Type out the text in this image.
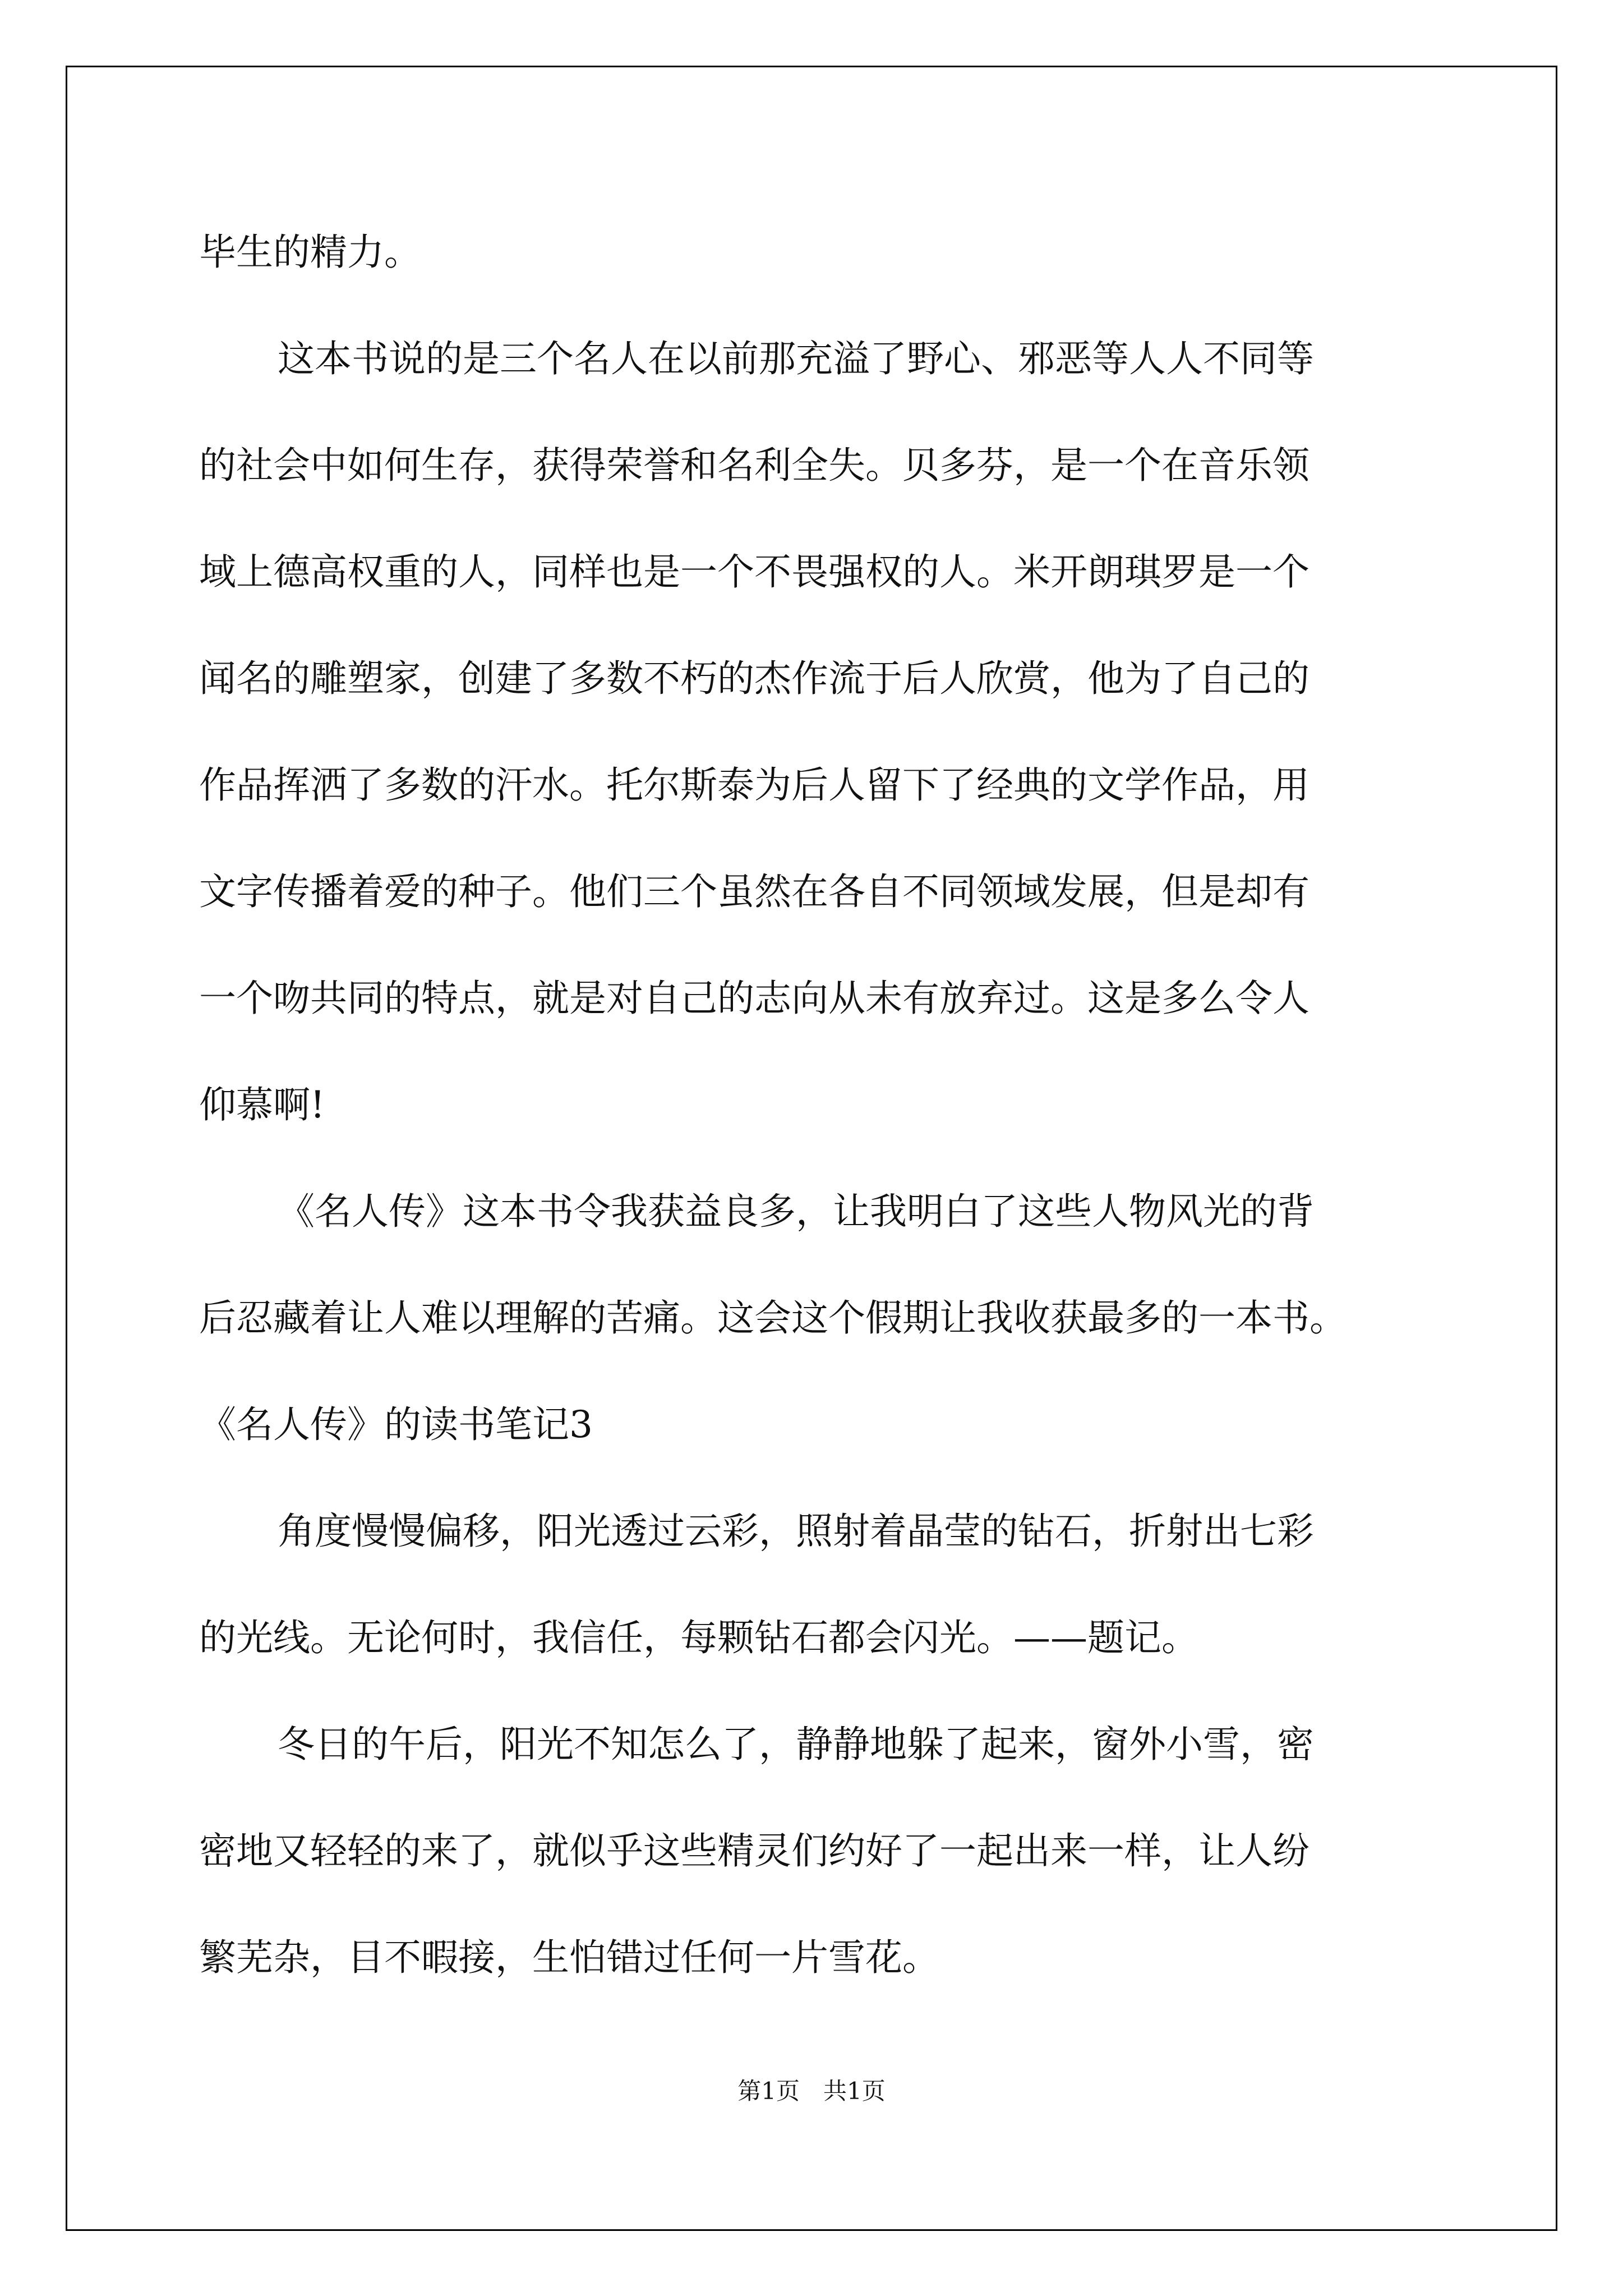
毕生的精力。
这本书说的是三个名人在以前那充溢了野心、邪恶等人人不同等
的社会中如何生存，获得荣誉和名利全失。贝多芬，是一个在音乐领
域上德高权重的人，同样也是一个不畏强权的人。米开朗琪罗是一个
闻名的雕塑家，创建了多数不朽的杰作流于后人欣赏，他为了自己的
作品挥洒了多数的汗水。托尔斯泰为后人留下了经典的文学作品，用
文字传播着爱的种子。他们三个虽然在各自不同领域发展，但是却有
一个吻共同的特点，就是对自己的志向从未有放弃过。这是多么令人
仰慕啊!
《名人传》这本书令我获益良多，让我明白了这些人物风光的背
后忍藏着让人难以理解的苦痛。这会这个假期让我收获最多的一本书。
《名人传》的读书笔记3
角度慢慢偏移，阳光透过云彩，照射着晶莹的钻石，折射出七彩
的光线。无论何时，我信任，每颗钻石都会闪光。——题记。
冬日的午后，阳光不知怎么了，静静地躲了起来，窗外小雪，密
密地又轻轻的来了，就似乎这些精灵们约好了一起出来一样，让人纷
繁芜杂，目不暇接，生怕错过任何一片雪花。
第1页　共1页
